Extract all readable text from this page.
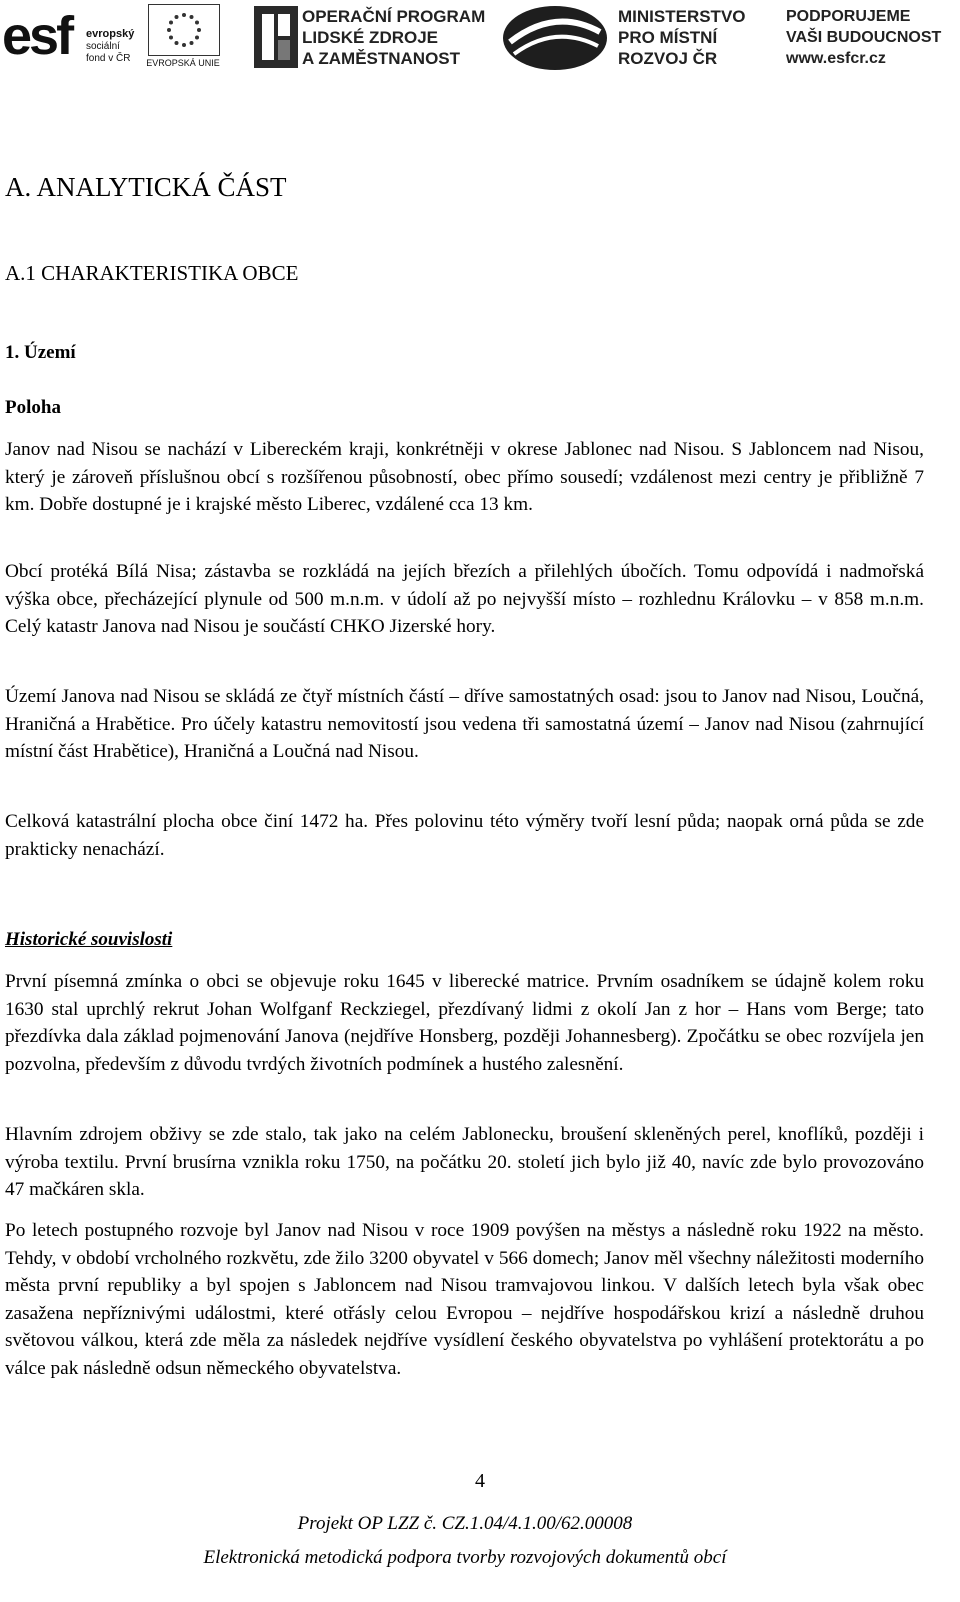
esf evropský
sociální
fond v ČR	EVROPSKÁ UNIE
OPERAČNÍ PROGRAM
LIDSKÉ ZDROJE
A ZAMĚSTNANOST
MINISTERSTVO
PRO MÍSTNÍ
ROZVOJ ČR
PODPORUJEME
VAŠI BUDOUCNOST
www.esfcr.cz
A. ANALYTICKÁ ČÁST
A.1 CHARAKTERISTIKA OBCE
1. Území
Poloha

Janov nad Nisou se nachází v Libereckém kraji, konkrétněji v okrese Jablonec nad Nisou. S Jabloncem nad Nisou, který je zároveň příslušnou obcí s rozšířenou působností, obec přímo sousedí; vzdálenost mezi centry je přibližně 7 km. Dobře dostupné je i krajské město Liberec, vzdálené cca 13 km.

Obcí protéká Bílá Nisa; zástavba se rozkládá na jejích březích a přilehlých úbočích. Tomu odpovídá i nadmořská výška obce, přecházející plynule od 500 m.n.m. v údolí až po nejvyšší místo – rozhlednu Královku – v 858 m.n.m. Celý katastr Janova nad Nisou je součástí CHKO Jizerské hory.

Území Janova nad Nisou se skládá ze čtyř místních částí – dříve samostatných osad: jsou to Janov nad Nisou, Loučná, Hraničná a Hrabětice. Pro účely katastru nemovitostí jsou vedena tři samostatná území – Janov nad Nisou (zahrnující místní část Hrabětice), Hraničná a Loučná nad Nisou.

Celková katastrální plocha obce činí 1472 ha. Přes polovinu této výměry tvoří lesní půda; naopak orná půda se zde prakticky nenachází.

Historické souvislosti

První písemná zmínka o obci se objevuje roku 1645 v liberecké matrice. Prvním osadníkem se údajně kolem roku 1630 stal uprchlý rekrut Johan Wolfganf Reckziegel, přezdívaný lidmi z okolí Jan z hor – Hans vom Berge; tato přezdívka dala základ pojmenování Janova (nejdříve Honsberg, později Johannesberg). Zpočátku se obec rozvíjela jen pozvolna, především z důvodu tvrdých životních podmínek a hustého zalesnění.

Hlavním zdrojem obživy se zde stalo, tak jako na celém Jablonecku, broušení skleněných perel, knoflíků, později i výroba textilu. První brusírna vznikla roku 1750, na počátku 20. století jich bylo již 40, navíc zde bylo provozováno 47 mačkáren skla.

Po letech postupného rozvoje byl Janov nad Nisou v roce 1909 povýšen na městys a následně roku 1922 na město. Tehdy, v období vrcholného rozkvětu, zde žilo 3200 obyvatel v 566 domech; Janov měl všechny náležitosti moderního města první republiky a byl spojen s Jabloncem nad Nisou tramvajovou linkou. V dalších letech byla však obec zasažena nepříznivými událostmi, které otřásly celou Evropou – nejdříve hospodářskou krizí a následně druhou světovou válkou, která zde měla za následek nejdříve vysídlení českého obyvatelstva po vyhlášení protektorátu a po válce pak následně odsun německého obyvatelstva.

4
Projekt OP LZZ č. CZ.1.04/4.1.00/62.00008
Elektronická metodická podpora tvorby rozvojových dokumentů obcí
